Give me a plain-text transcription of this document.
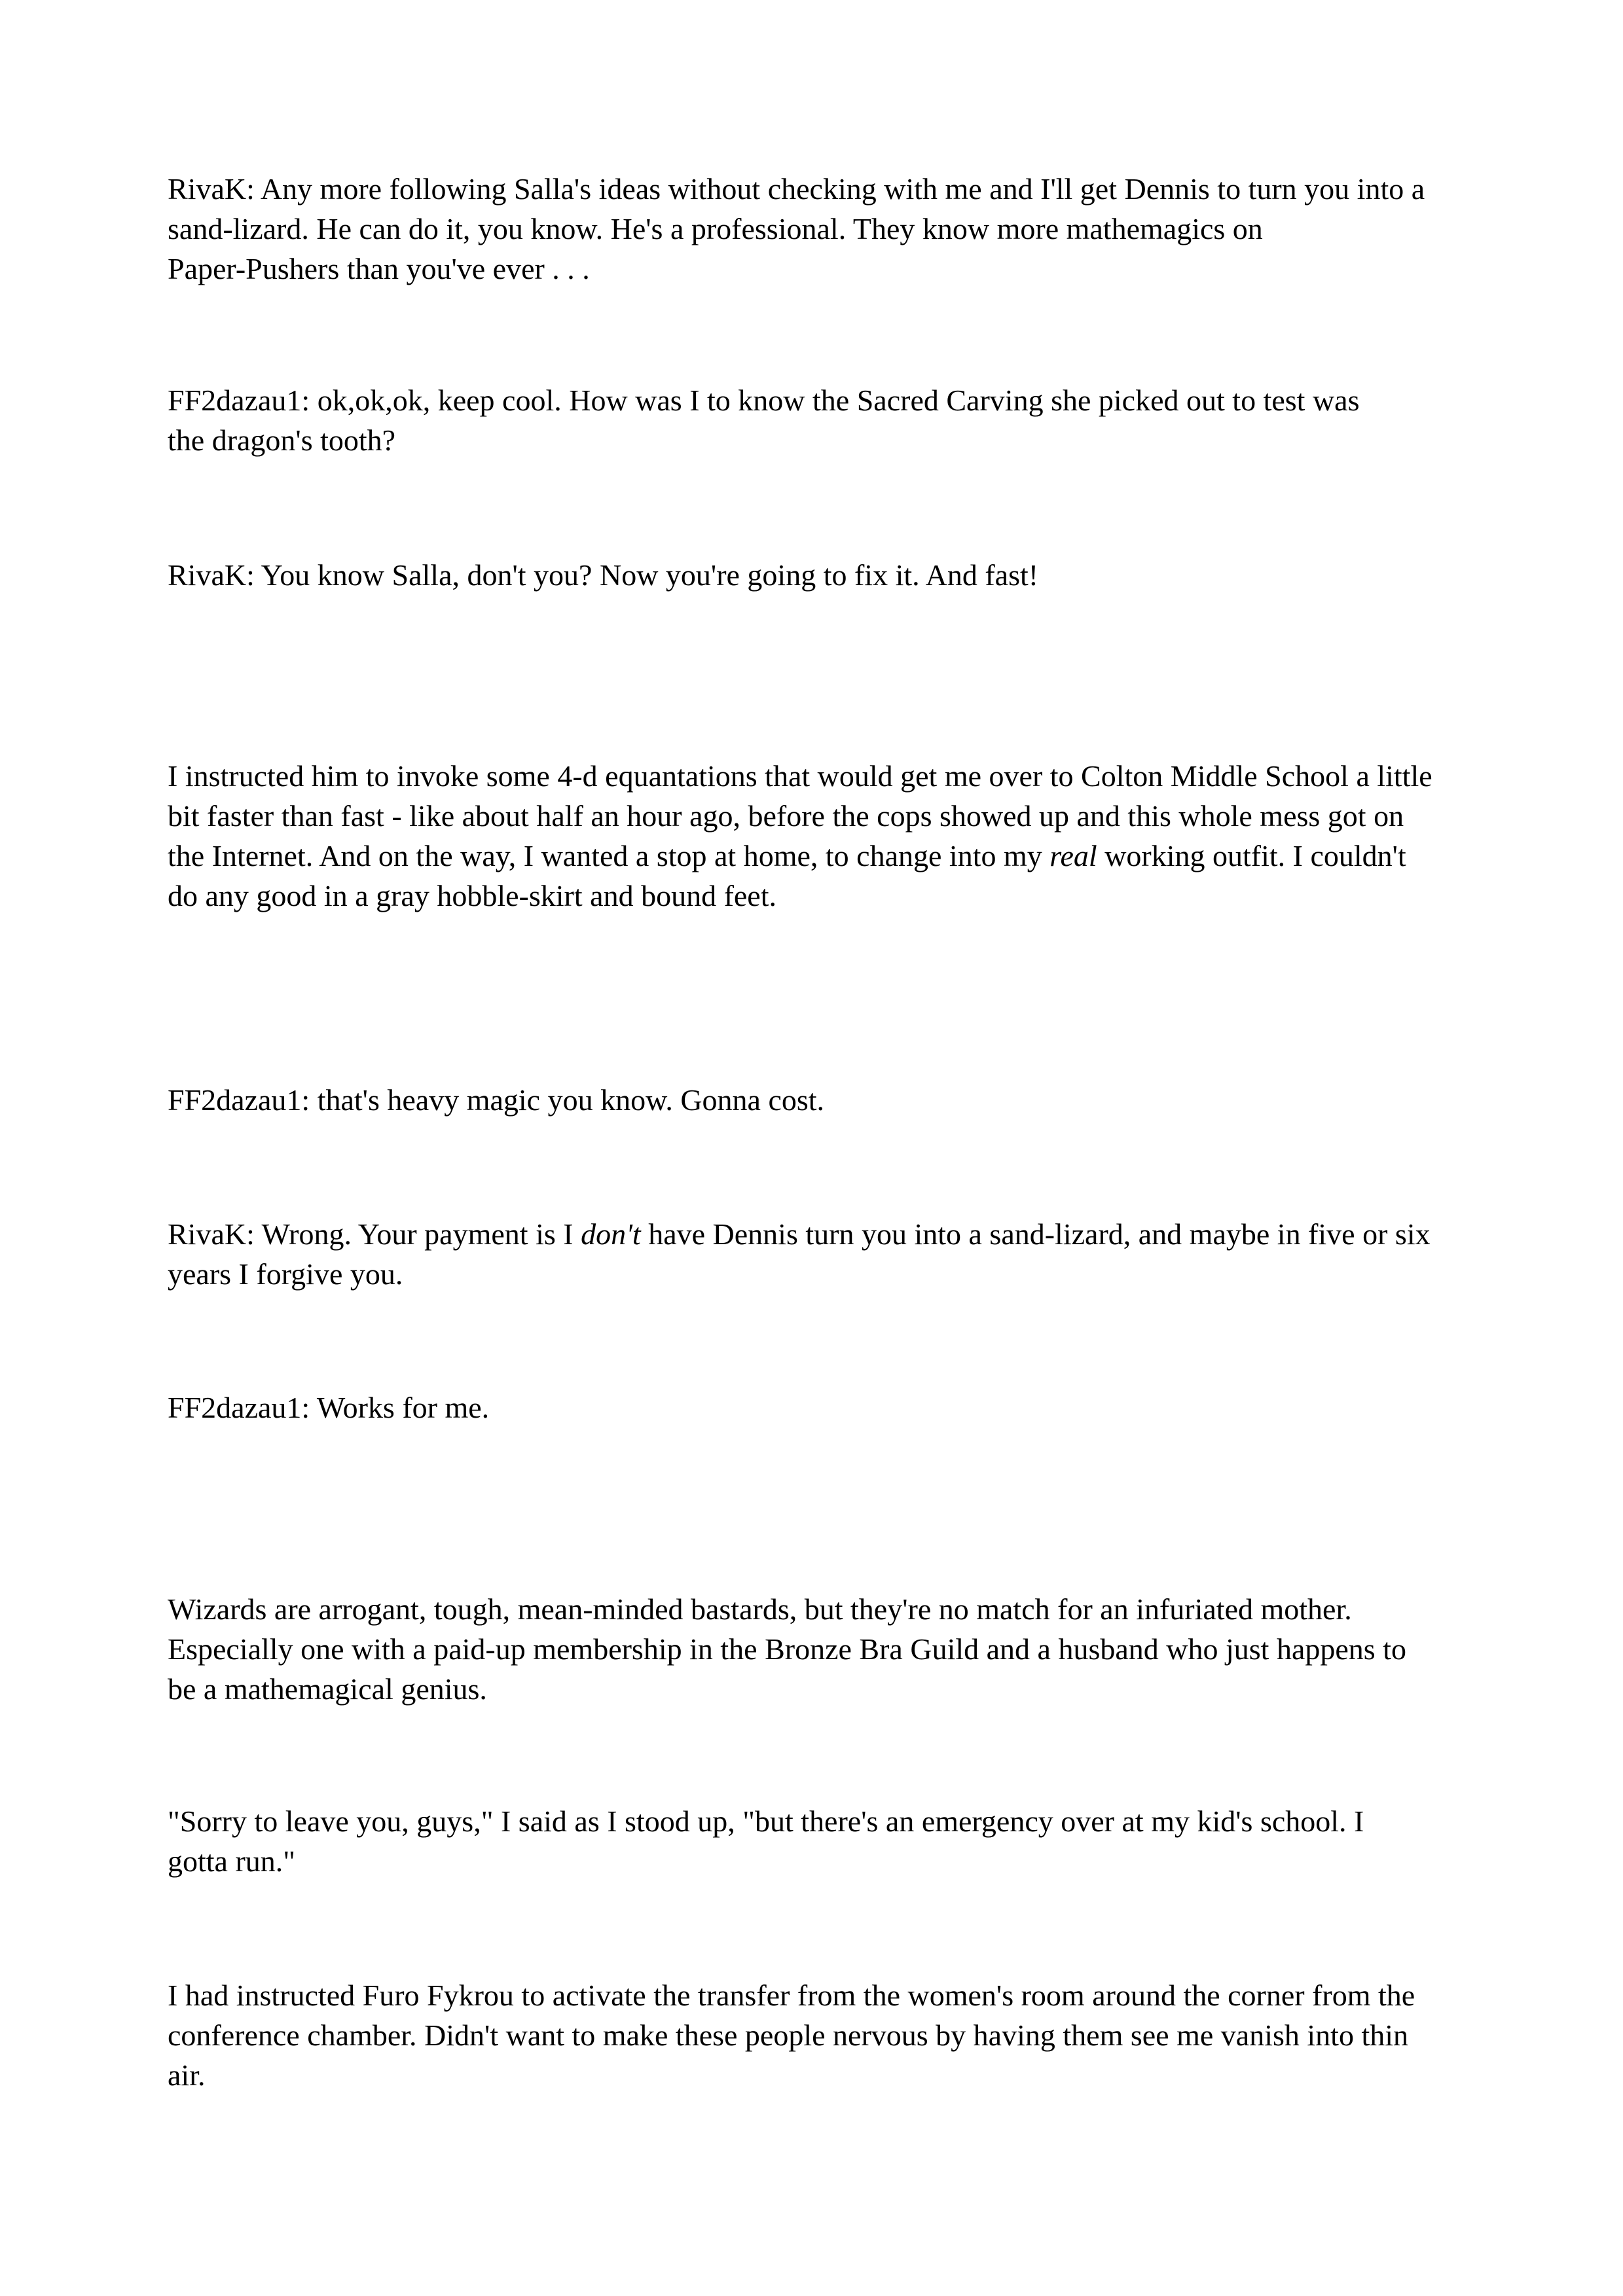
RivaK: Any more following Salla's ideas without checking with me and I'll get Dennis to turn you into a
sand-lizard. He can do it, you know. He's a professional. They know more mathemagics on
Paper-Pushers than you've ever . . .

FF2dazau1: ok,ok,ok, keep cool. How was I to know the Sacred Carving she picked out to test was
the dragon's tooth?

RivaK: You know Salla, don't you? Now you're going to fix it. And fast!

I instructed him to invoke some 4-d equantations that would get me over to Colton Middle School a little
bit faster than fast - like about half an hour ago, before the cops showed up and this whole mess got on
the Internet. And on the way, I wanted a stop at home, to change into my real working outfit. I couldn't
do any good in a gray hobble-skirt and bound feet.

FF2dazau1: that's heavy magic you know. Gonna cost.

RivaK: Wrong. Your payment is I don't have Dennis turn you into a sand-lizard, and maybe in five or six
years I forgive you.

FF2dazau1: Works for me.

Wizards are arrogant, tough, mean-minded bastards, but they're no match for an infuriated mother.
Especially one with a paid-up membership in the Bronze Bra Guild and a husband who just happens to
be a mathemagical genius.

"Sorry to leave you, guys," I said as I stood up, "but there's an emergency over at my kid's school. I
gotta run."

I had instructed Furo Fykrou to activate the transfer from the women's room around the corner from the
conference chamber. Didn't want to make these people nervous by having them see me vanish into thin
air.
